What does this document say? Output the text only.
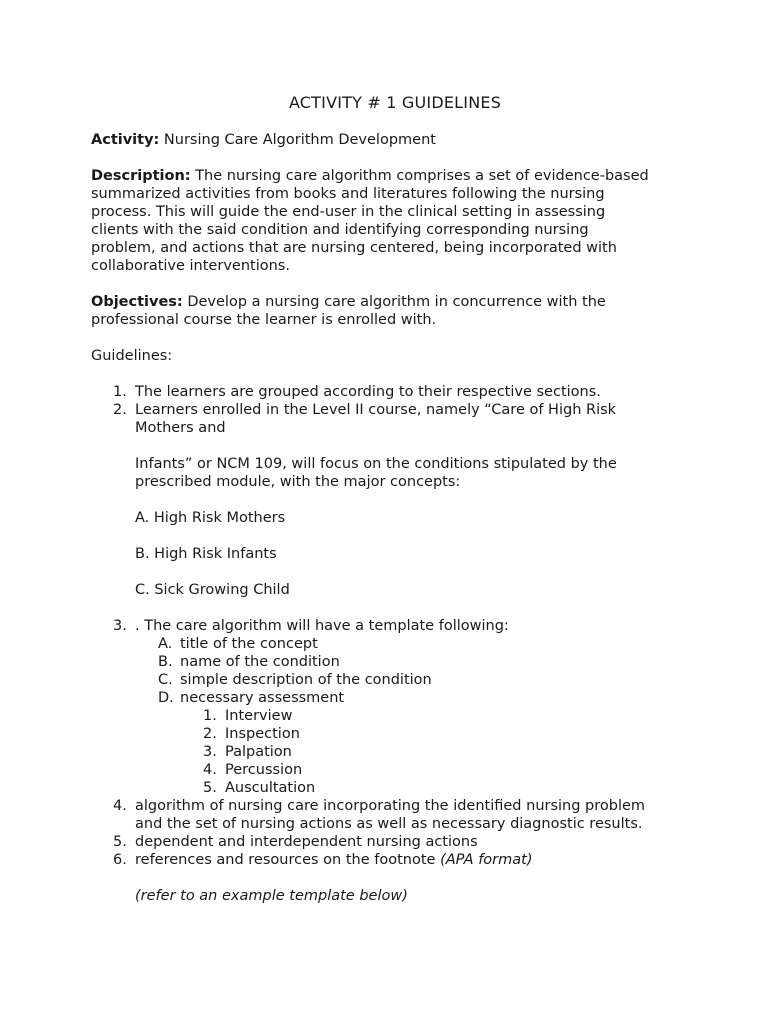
ACTIVITY # 1 GUIDELINES

Activity: Nursing Care Algorithm Development

Description: The nursing care algorithm comprises a set of evidence-based
summarized activities from books and literatures following the nursing
process. This will guide the end-user in the clinical setting in assessing
clients with the said condition and identifying corresponding nursing
problem, and actions that are nursing centered, being incorporated with
collaborative interventions.
Objectives: Develop a nursing care algorithm in concurrence with the
professional course the learner is enrolled with.

Guidelines:

1. The learners are grouped according to their respective sections.
2. Learners enrolled in the Level II course, namely “Care of High Risk
Mothers and
Infants” or NCM 109, will focus on the conditions stipulated by the
prescribed module, with the major concepts:
A. High Risk Mothers
B. High Risk Infants
C. Sick Growing Child
3. . The care algorithm will have a template following:
A. title of the concept
B. name of the condition
C. simple description of the condition
D. necessary assessment
1. Interview
2. Inspection
3. Palpation
4. Percussion
5. Auscultation
4. algorithm of nursing care incorporating the identified nursing problem
and the set of nursing actions as well as necessary diagnostic results.
5. dependent and interdependent nursing actions
6. references and resources on the footnote (APA format)
(refer to an example template below)
